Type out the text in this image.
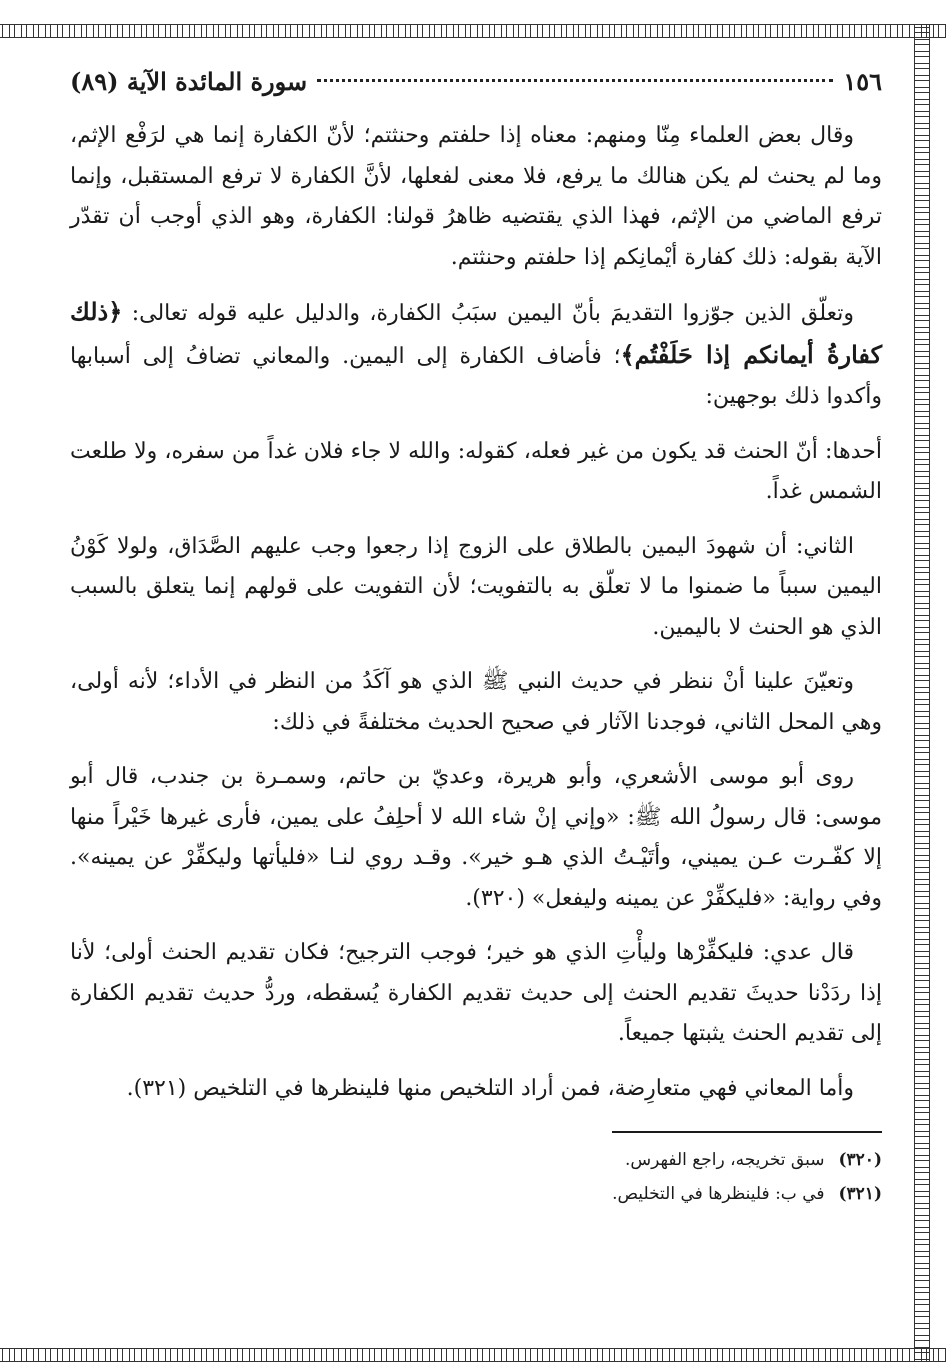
١٥٦
سورة المائدة الآية (٨٩)

وقال بعض العلماء مِنّا ومنهم: معناه إذا حلفتم وحنثتم؛ لأنّ الكفارة إنما هي لرَفْع الإثم، وما لم يحنث لم يكن هنالك ما يرفع، فلا معنى لفعلها، لأنَّ الكفارة لا ترفع المستقبل، وإنما ترفع الماضي من الإثم، فهذا الذي يقتضيه ظاهرُ قولنا: الكفارة، وهو الذي أوجب أن تقدّر الآية بقوله: ذلك كفارة أيْمانِكم إذا حلفتم وحنثتم.

وتعلّق الذين جوّزوا التقديمَ بأنّ اليمين سبَبُ الكفارة، والدليل عليه قوله تعالى: ﴿ذلك كفارةُ أيمانكم إذا حَلَفْتُم﴾؛ فأضاف الكفارة إلى اليمين. والمعاني تضافُ إلى أسبابها وأكدوا ذلك بوجهين:

أحدها: أنّ الحنث قد يكون من غير فعله، كقوله: والله لا جاء فلان غداً من سفره، ولا طلعت الشمس غداً.

الثاني: أن شهودَ اليمين بالطلاق على الزوج إذا رجعوا وجب عليهم الصَّدَاق، ولولا كَوْنُ اليمين سبباً ما ضمنوا ما لا تعلّق به بالتفويت؛ لأن التفويت على قولهم إنما يتعلق بالسبب الذي هو الحنث لا باليمين.

وتعيّنَ علينا أنْ ننظر في حديث النبي ﷺ الذي هو آكَدُ من النظر في الأداء؛ لأنه أولى، وهي المحل الثاني، فوجدنا الآثار في صحيح الحديث مختلفةً في ذلك:

روى أبو موسى الأشعري، وأبو هريرة، وعديّ بن حاتم، وسمـرة بن جندب، قال أبو موسى: قال رسولُ الله ﷺ: «وإني إنْ شاء الله لا أحلِفُ على يمين، فأرى غيرها خَيْراً منها إلا كفّـرت عـن يميني، وأتَيْـتُ الذي هـو خير». وقـد روي لنـا «فليأتها وليكفِّرْ عن يمينه». وفي رواية: «فليكفِّرْ عن يمينه وليفعل» (٣٢٠).

قال عدي: فليكفِّرْها وليأْتِ الذي هو خير؛ فوجب الترجيح؛ فكان تقديم الحنث أولى؛ لأنا إذا ردَدْنا حديثَ تقديم الحنث إلى حديث تقديم الكفارة يُسقطه، وردُّ حديث تقديم الكفارة إلى تقديم الحنث يثبتها جميعاً.

وأما المعاني فهي متعارِضة، فمن أراد التلخيص منها فلينظرها في التلخيص (٣٢١).

(٣٢٠)
سبق تخريجه، راجع الفهرس.
(٣٢١)
في ب: فلينظرها في التخليص.
